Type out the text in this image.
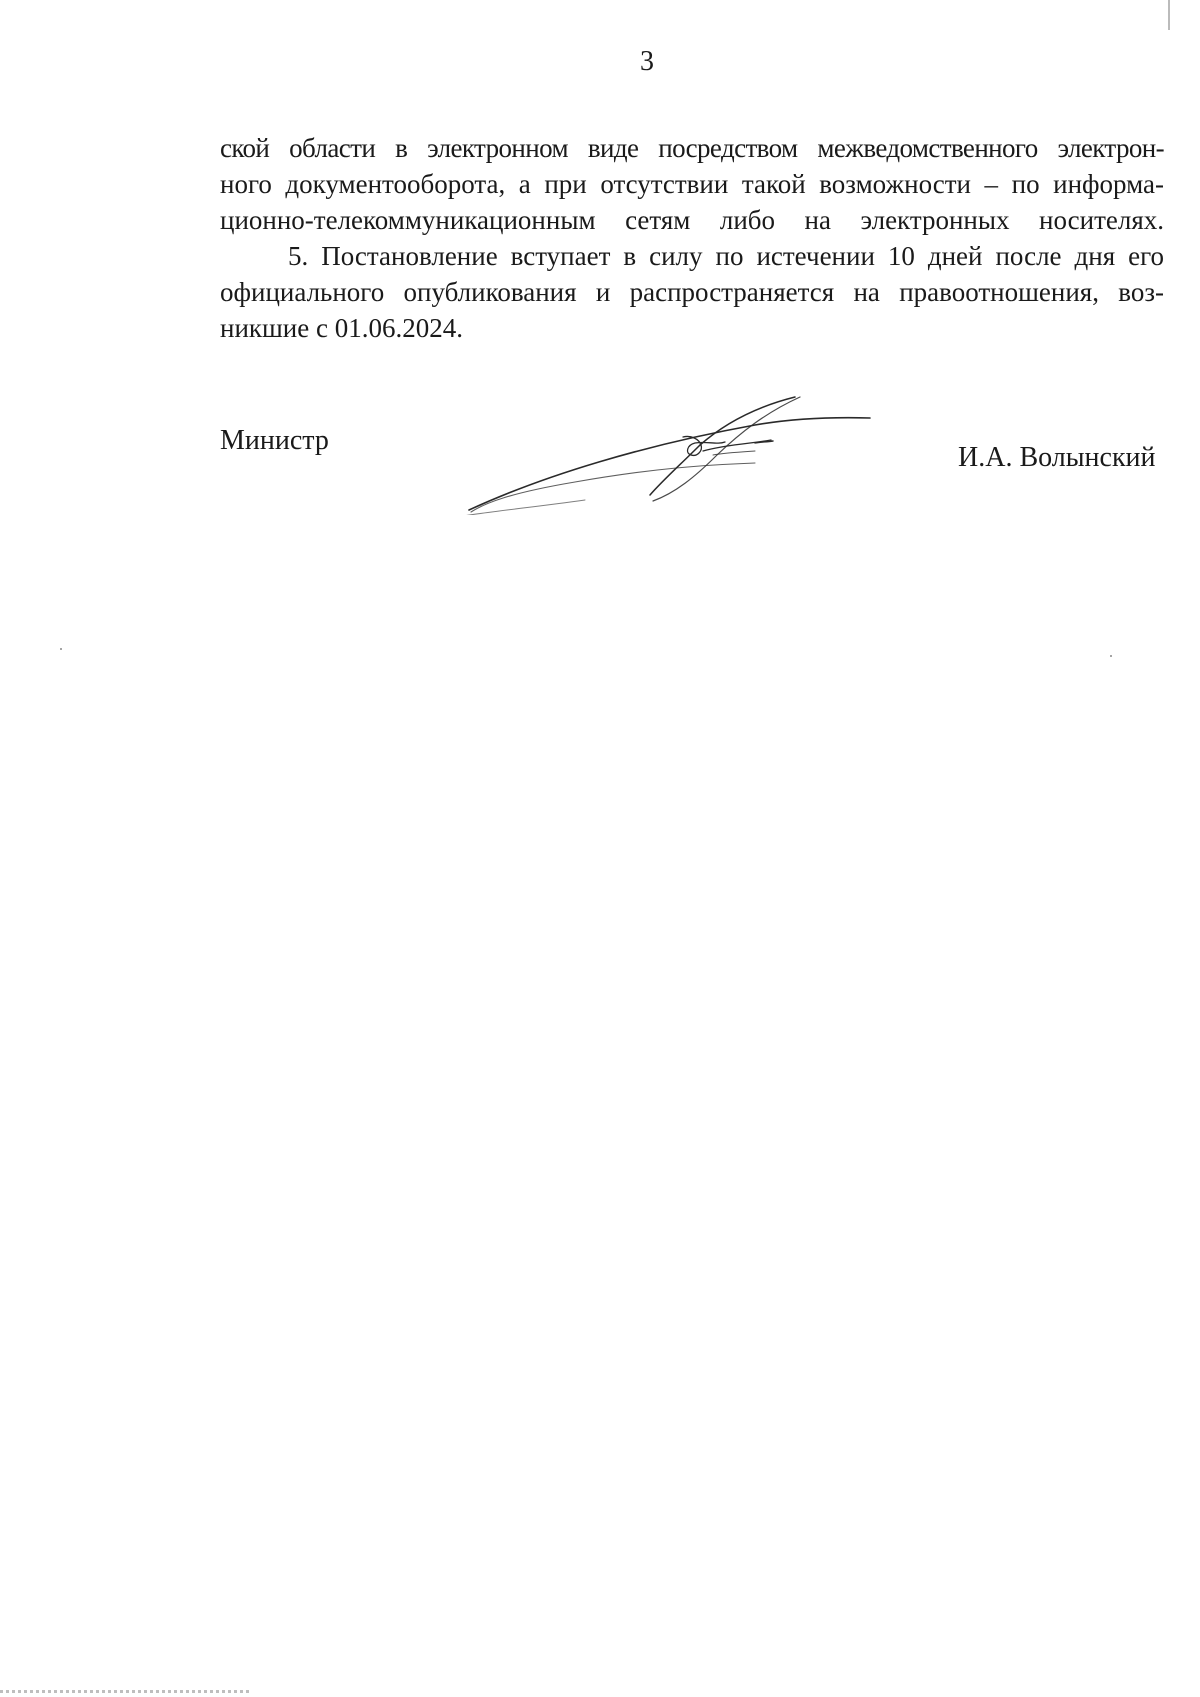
3
ской области в электронном виде посредством межведомственного электрон-
ного документооборота, а при отсутствии такой возможности – по информа-
ционно-телекоммуникационным сетям либо на электронных носителях.
5. Постановление вступает в силу по истечении 10 дней после дня его
официального опубликования и распространяется на правоотношения, воз-
никшие с 01.06.2024.
Министр
И.А. Волынский
